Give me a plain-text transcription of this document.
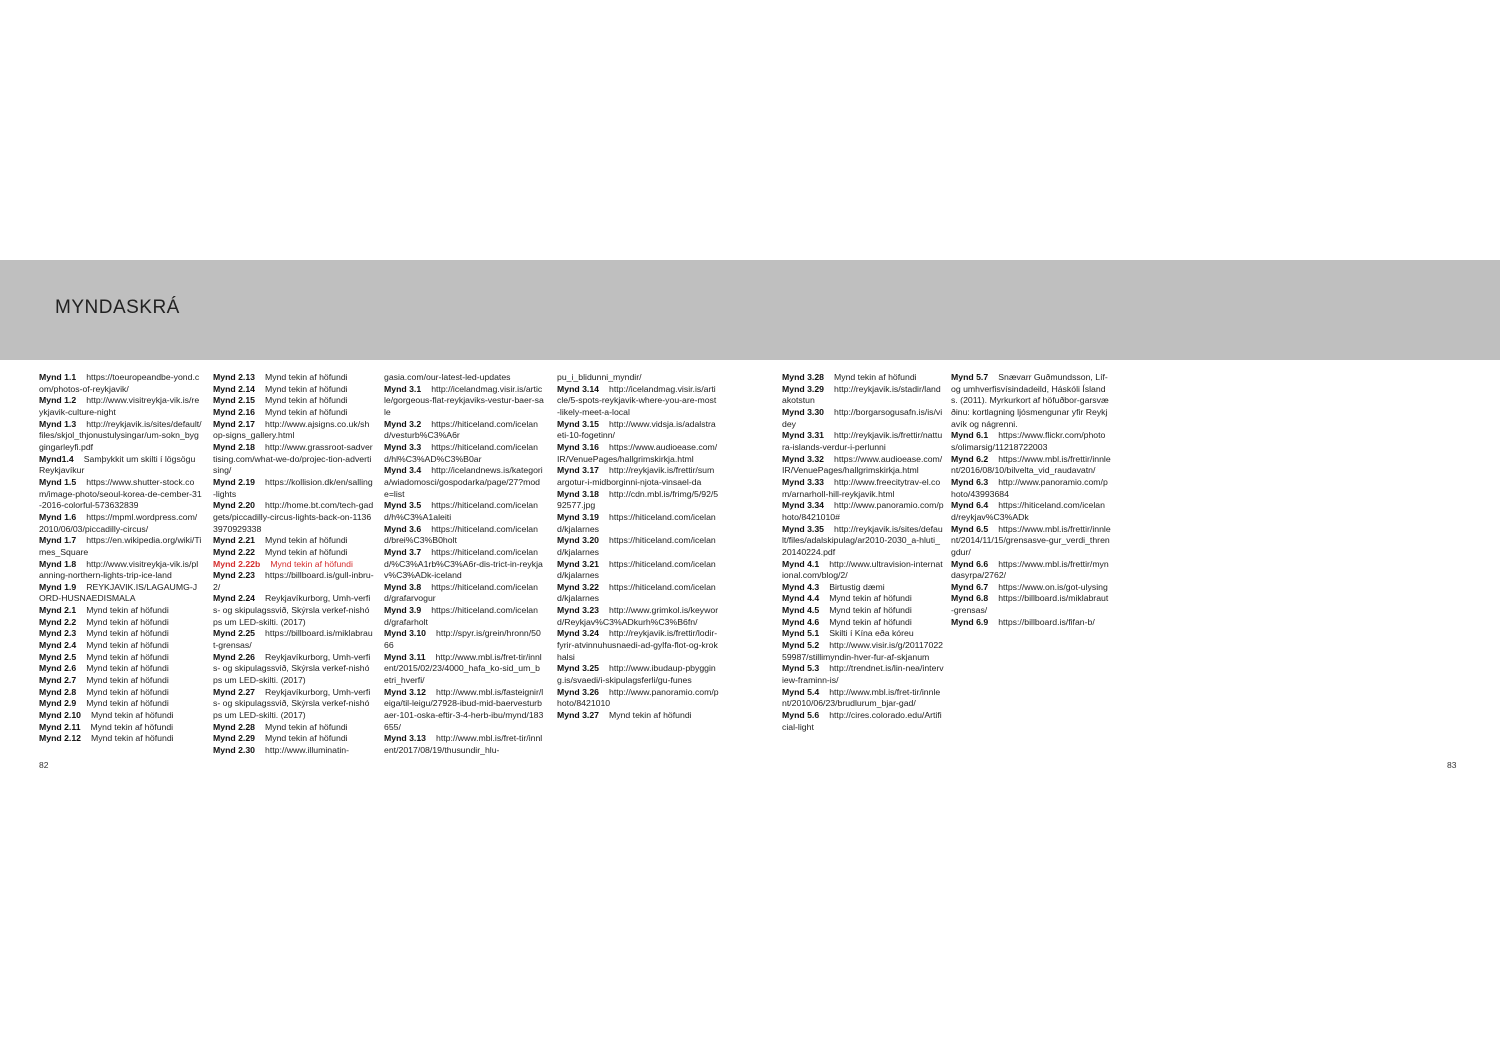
MYNDASKRÁ
Mynd 1.1 https://toeuropeandbe-yond.com/photos-of-reykjavik/
Mynd 1.2 http://www.visitreykja-vik.is/reykjavik-culture-night
Mynd 1.3 http://reykjavik.is/sites/default/files/skjol_thjonustulysingar/um-sokn_byggingarleyfi.pdf
Mynd1.4 Samþykkit um skilti í lögsögu Reykjavíkur
Mynd 1.5 https://www.shutter-stock.com/image-photo/seoul-korea-de-cember-31-2016-colorful-573632839
Mynd 1.6 https://mpml.wordpress.com/2010/06/03/piccadilly-circus/
Mynd 1.7 https://en.wikipedia.org/wiki/Times_Square
Mynd 1.8 http://www.visitreykja-vik.is/planning-northern-lights-trip-ice-land
Mynd 1.9 REYKJAVIK.IS/LAGAUMG-JORD-HUSNAEDISMALA
Mynd 2.1 Mynd tekin af höfundi
Mynd 2.2 Mynd tekin af höfundi
Mynd 2.3 Mynd tekin af höfundi
Mynd 2.4 Mynd tekin af höfundi
Mynd 2.5 Mynd tekin af höfundi
Mynd 2.6 Mynd tekin af höfundi
Mynd 2.7 Mynd tekin af höfundi
Mynd 2.8 Mynd tekin af höfundi
Mynd 2.9 Mynd tekin af höfundi
Mynd 2.10 Mynd tekin af höfundi
Mynd 2.11 Mynd tekin af höfundi
Mynd 2.12 Mynd tekin af höfundi
Mynd 2.13 Mynd tekin af höfundi
Mynd 2.14 Mynd tekin af höfundi
Mynd 2.15 Mynd tekin af höfundi
Mynd 2.16 Mynd tekin af höfundi
Mynd 2.17 http://www.ajsigns.co.uk/shop-signs_gallery.html
Mynd 2.18 http://www.grassroot-sadvertising.com/what-we-do/projec-tion-advertising/
Mynd 2.19 https://kollision.dk/en/salling-lights
Mynd 2.20 http://home.bt.com/tech-gadgets/piccadilly-circus-lights-back-on-11363970929338
Mynd 2.21 Mynd tekin af höfundi
Mynd 2.22 Mynd tekin af höfundi
Mynd 2.22b Mynd tekin af höfundi
Mynd 2.23 https://billboard.is/gull-inbru-2/
Mynd 2.24 Reykjavíkurborg, Umh-verfis- og skipulagssvið, Skýrsla verkef-nishóps um LED-skilti. (2017)
Mynd 2.25 https://billboard.is/miklabraut-grensas/
Mynd 2.26 Reykjavíkurborg, Umh-verfis- og skipulagssvið, Skýrsla verkef-nishóps um LED-skilti. (2017)
Mynd 2.27 Reykjavíkurborg, Umh-verfis- og skipulagssvið, Skýrsla verkef-nishóps um LED-skilti. (2017)
Mynd 2.28 Mynd tekin af höfundi
Mynd 2.29 Mynd tekin af höfundi
Mynd 2.30 http://www.illuminatin-
gasia.com/our-latest-led-updates
Mynd 3.1 http://icelandmag.visir.is/article/gorgeous-flat-reykjaviks-vestur-baer-sale
Mynd 3.2 https://hiticeland.com/iceland/vesturb%C3%A6r
Mynd 3.3 https://hiticeland.com/iceland/hl%C3%AD%C3%B0ar
Mynd 3.4 http://icelandnews.is/kategoria/wiadomosci/gospodarka/page/27?mode=list
Mynd 3.5 https://hiticeland.com/iceland/h%C3%A1aleiti
Mynd 3.6 https://hiticeland.com/iceland/brei%C3%B0holt
Mynd 3.7 https://hiticeland.com/iceland/%C3%A1rb%C3%A6r-dis-trict-in-reykjav%C3%ADk-iceland
Mynd 3.8 https://hiticeland.com/iceland/grafarvogur
Mynd 3.9 https://hiticeland.com/iceland/grafarholt
Mynd 3.10 http://spyr.is/grein/hronn/5066
Mynd 3.11 http://www.mbl.is/fret-tir/innlent/2015/02/23/4000_hafa_ko-sid_um_betri_hverfi/
Mynd 3.12 http://www.mbl.is/fasteignir/leiga/til-leigu/27928-ibud-mid-baervesturbaer-101-oska-eftir-3-4-herb-ibu/mynd/183655/
Mynd 3.13 http://www.mbl.is/fret-tir/innlent/2017/08/19/thusundir_hlu-
pu_i_blidunni_myndir/
Mynd 3.14 http://icelandmag.visir.is/article/5-spots-reykjavik-where-you-are-most-likely-meet-a-local
Mynd 3.15 http://www.vidsja.is/adalstraeti-10-fogetinn/
Mynd 3.16 https://www.audioease.com/IR/VenuePages/hallgrimskirkja.html
Mynd 3.17 http://reykjavik.is/frettir/sumargotur-i-midborginni-njota-vinsael-da
Mynd 3.18 http://cdn.mbl.is/frimg/5/92/592577.jpg
Mynd 3.19 https://hiticeland.com/iceland/kjalarnes
Mynd 3.20 https://hiticeland.com/iceland/kjalarnes
Mynd 3.21 https://hiticeland.com/iceland/kjalarnes
Mynd 3.22 https://hiticeland.com/iceland/kjalarnes
Mynd 3.23 http://www.grimkol.is/keyword/Reykjav%C3%ADkurh%C3%B6fn/
Mynd 3.24 http://reykjavik.is/frettir/lodir-fyrir-atvinnuhusnaedi-ad-gylfa-flot-og-krokhalsi
Mynd 3.25 http://www.ibudaup-pbygging.is/svaedi/i-skipulagsferli/gu-funes
Mynd 3.26 http://www.panoramio.com/photo/8421010
Mynd 3.27 Mynd tekin af höfundi
Mynd 3.28 Mynd tekin af höfundi
Mynd 3.29 http://reykjavik.is/stadir/landakotstun
Mynd 3.30 http://borgarsogusafn.is/is/videy
Mynd 3.31 http://reykjavik.is/frettir/nattura-islands-verdur-i-perlunni
Mynd 3.32 https://www.audioease.com/IR/VenuePages/hallgrimskirkja.html
Mynd 3.33 http://www.freecitytrav-el.com/arnarholl-hill-reykjavik.html
Mynd 3.34 http://www.panoramio.com/photo/8421010#
Mynd 3.35 http://reykjavik.is/sites/default/files/adalskipulag/ar2010-2030_a-hluti_20140224.pdf
Mynd 4.1 http://www.ultravision-international.com/blog/2/
Mynd 4.3 Birtustig dæmi
Mynd 4.4 Mynd tekin af höfundi
Mynd 4.5 Mynd tekin af höfundi
Mynd 4.6 Mynd tekin af höfundi
Mynd 5.1 Skilti í Kína eða kóreu
Mynd 5.2 http://www.visir.is/g/2011702259987/stillimyndin-hver-fur-af-skjanum
Mynd 5.3 http://trendnet.is/lin-nea/interview-framinn-is/
Mynd 5.4 http://www.mbl.is/fret-tir/innlent/2010/06/23/brudlurum_bjar-gad/
Mynd 5.6 http://cires.colorado.edu/Artificial-light
Mynd 5.7 Snævarr Guðmundsson, Líf- og umhverfisvísindadeild, Háskóli Íslands. (2011). Myrkurkort af höfuðbor-garsvæðinu: kortlagning ljósmengunar yfir Reykjavík og nágrenni.
Mynd 6.1 https://www.flickr.com/photos/olimarsig/11218722003
Mynd 6.2 https://www.mbl.is/frettir/innlent/2016/08/10/bilvelta_vid_raudavatn/
Mynd 6.3 http://www.panoramio.com/photo/43993684
Mynd 6.4 https://hiticeland.com/iceland/reykjav%C3%ADk
Mynd 6.5 https://www.mbl.is/frettir/innlent/2014/11/15/grensasve-gur_verdi_threngdur/
Mynd 6.6 https://www.mbl.is/frettir/myndasyrpa/2762/
Mynd 6.7 https://www.on.is/got-ulysing
Mynd 6.8 https://billboard.is/miklabraut-grensas/
Mynd 6.9 https://billboard.is/fifan-b/
82	83
